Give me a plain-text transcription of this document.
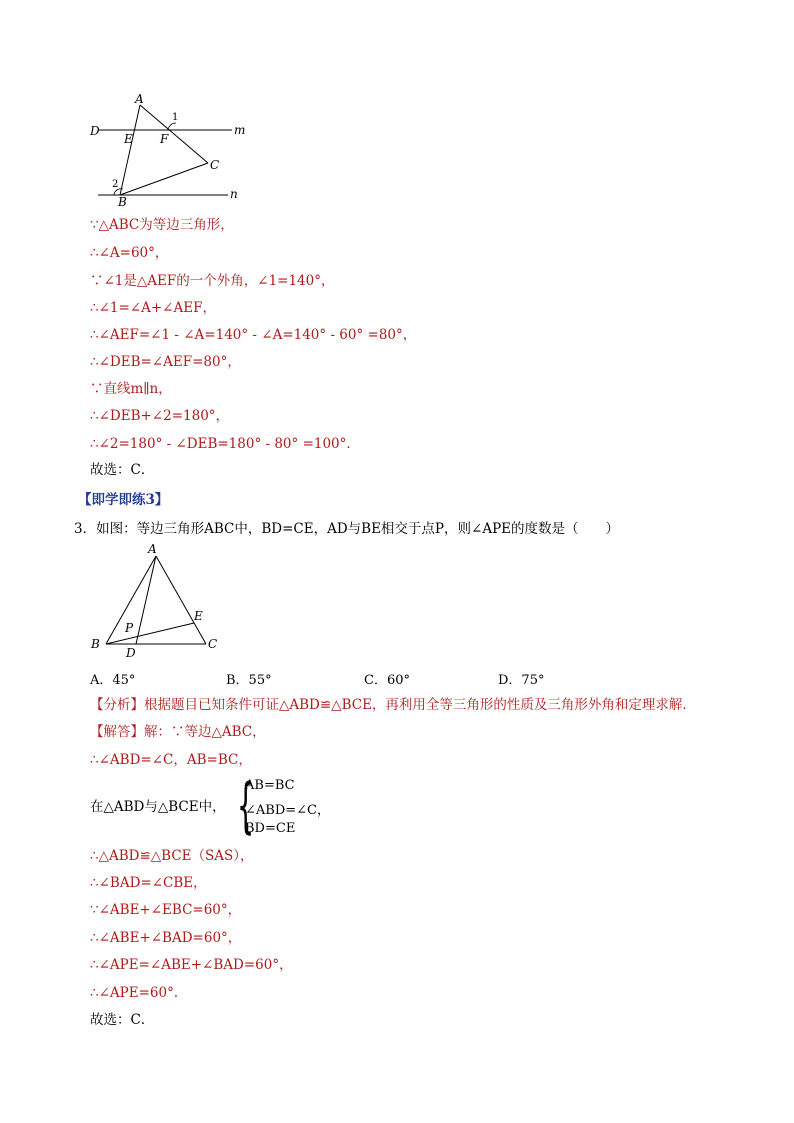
A
1
D	m
E F
C
2
n
B
∵△ABC为等边三角形，
∴∠A=60°，
∵∠1是△AEF的一个外角，∠1=140°，
∴∠1=∠A+∠AEF，
∴∠AEF=∠1 - ∠A=140° - ∠A=140° - 60° =80°，
∴∠DEB=∠AEF=80°，
∵直线m∥n，
∴∠DEB+∠2=180°，
∴∠2=180° - ∠DEB=180° - 80° =100°．
故选：C．
【即学即练3】
3．如图：等边三角形ABC中，BD=CE，AD与BE相交于点P，则∠APE的度数是（　　）
A
E
P
B
D
C
A．45°	B．55°	C．60°	D．75°
【分析】根据题目已知条件可证△ABD≌△BCE，再利用全等三角形的性质及三角形外角和定理求解．
【解答】解：∵等边△ABC，
∴∠ABD=∠C，AB=BC，
在△ABD与△BCE中， {
AB=BC
∠ABD=∠C，
BD=CE
∴△ABD≌△BCE（SAS），
∴∠BAD=∠CBE，
∵∠ABE+∠EBC=60°，
∴∠ABE+∠BAD=60°，
∴∠APE=∠ABE+∠BAD=60°，
∴∠APE=60°．
故选：C．
